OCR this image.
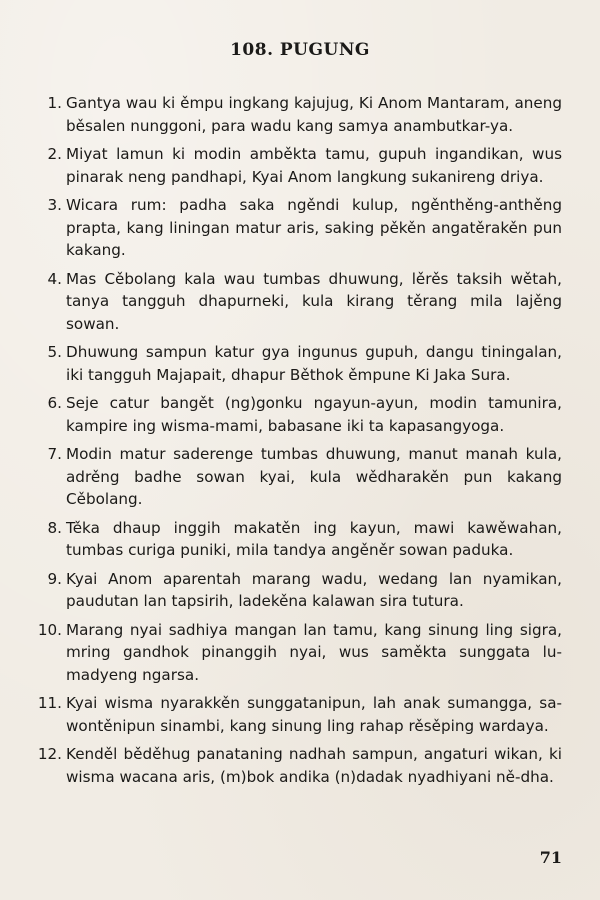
108. PUGUNG
1. Gantya wau ki ěmpu ingkang kajujug, Ki Anom Mantaram, aneng běsalen nunggoni, para wadu kang samya anambutkar-ya.
2. Miyat lamun ki modin amběkta tamu, gupuh ingandikan, wus pinarak neng pandhapi, Kyai Anom langkung sukanireng driya.
3. Wicara rum: padha saka ngěndi kulup, ngěnthěng-anthěng prapta, kang liningan matur aris, saking pěkěn angatěrakěn pun kakang.
4. Mas Cěbolang kala wau tumbas dhuwung, lěrěs taksih wětah, tanya tangguh dhapurneki, kula kirang těrang mila lajěng sowan.
5. Dhuwung sampun katur gya ingunus gupuh, dangu tiningalan, iki tangguh Majapait, dhapur Běthok ěmpune Ki Jaka Sura.
6. Seje catur bangět (ng)gonku ngayun-ayun, modin tamunira, kampire ing wisma-mami, babasane iki ta kapasangyoga.
7. Modin matur saderenge tumbas dhuwung, manut manah kula, adrěng badhe sowan kyai, kula wědharakěn pun kakang Cěbolang.
8. Těka dhaup inggih makatěn ing kayun, mawi kawěwahan, tumbas curiga puniki, mila tandya angěněr sowan paduka.
9. Kyai Anom aparentah marang wadu, wedang lan nyamikan, paudutan lan tapsirih, ladekěna kalawan sira tutura.
10. Marang nyai sadhiya mangan lan tamu, kang sinung ling sigra, mring gandhok pinanggih nyai, wus saměkta sunggata lu-madyeng ngarsa.
11. Kyai wisma nyarakkěn sunggatanipun, lah anak sumangga, sa-wontěnipun sinambi, kang sinung ling rahap rěsěping wardaya.
12. Kenděl běděhug panataning nadhah sampun, angaturi wikan, ki wisma wacana aris, (m)bok andika (n)dadak nyadhiyani ně-dha.
71
